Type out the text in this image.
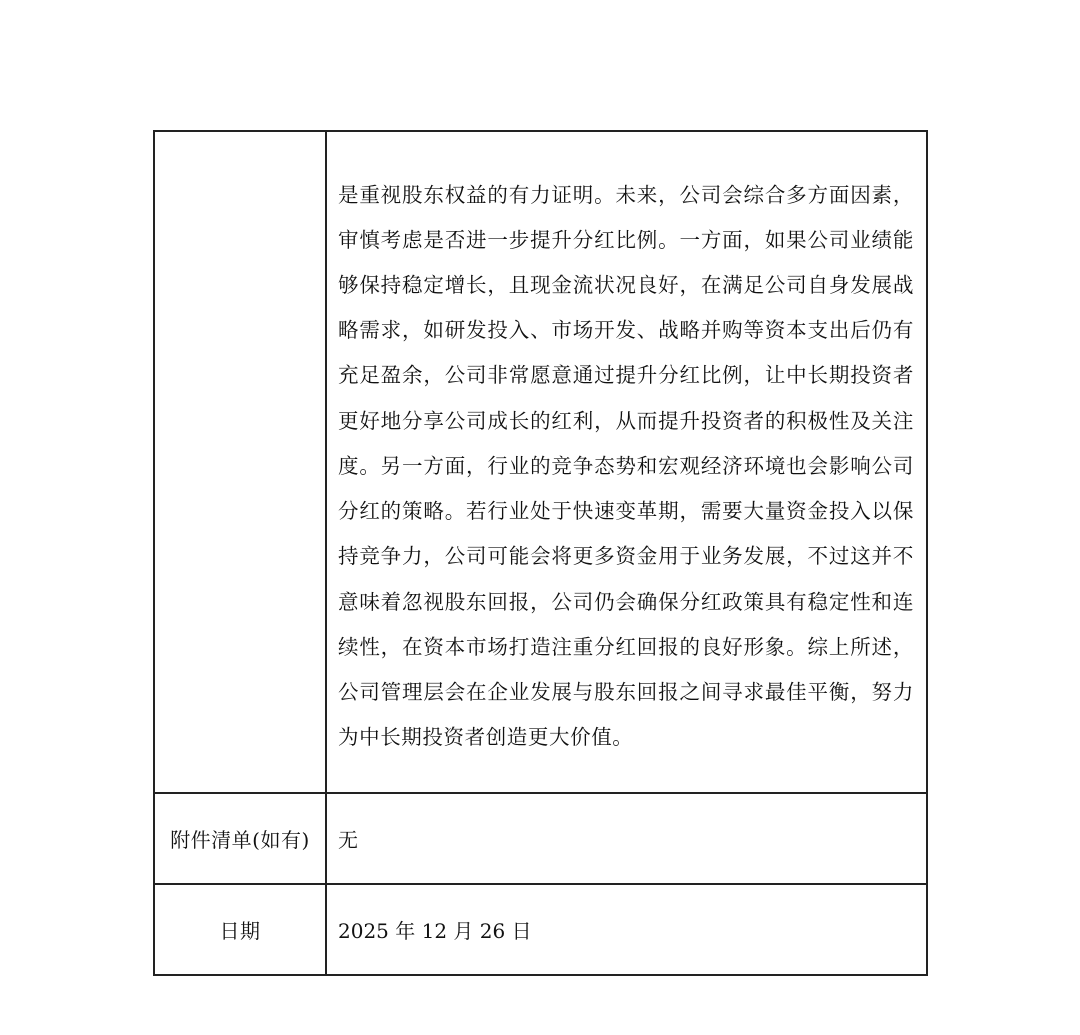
	是重视股东权益的有力证明。未来，公司会综合多方面因素，审慎考虑是否进一步提升分红比例。一方面，如果公司业绩能够保持稳定增长，且现金流状况良好，在满足公司自身发展战略需求，如研发投入、市场开发、战略并购等资本支出后仍有充足盈余，公司非常愿意通过提升分红比例，让中长期投资者更好地分享公司成长的红利，从而提升投资者的积极性及关注度。另一方面，行业的竞争态势和宏观经济环境也会影响公司分红的策略。若行业处于快速变革期，需要大量资金投入以保持竞争力，公司可能会将更多资金用于业务发展，不过这并不意味着忽视股东回报，公司仍会确保分红政策具有稳定性和连续性，在资本市场打造注重分红回报的良好形象。综上所述，公司管理层会在企业发展与股东回报之间寻求最佳平衡，努力为中长期投资者创造更大价值。

附件清单(如有)	无
日期	2025 年 12 月 26 日
